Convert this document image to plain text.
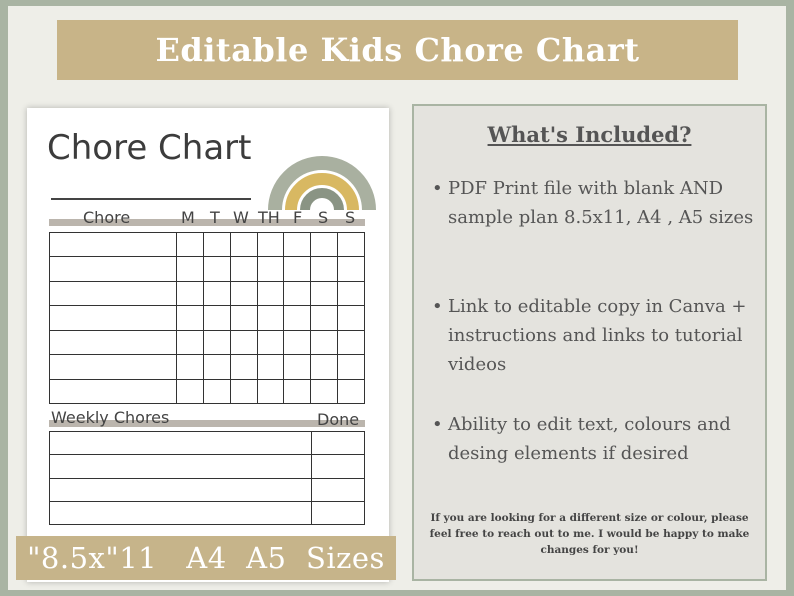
Editable Kids Chore Chart
Chore Chart
Chore	M T W TH F S S

Weekly Chores	Done

"8.5x"11   A4  A5  Sizes
What's Included?
• PDF Print file with blank AND sample plan 8.5x11, A4 , A5 sizes
• Link to editable copy in Canva + instructions and links to tutorial videos
• Ability to edit text, colours and desing elements if desired
If you are looking for a different size or colour, please feel free to reach out to me. I would be happy to make changes for you!
